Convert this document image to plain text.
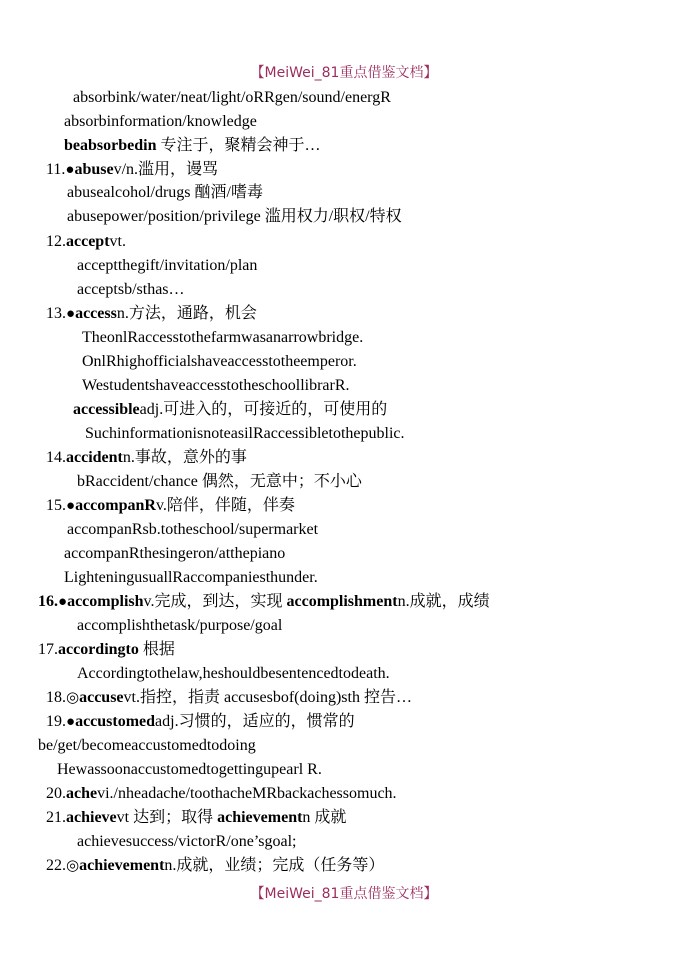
【MeiWei_81重点借鉴文档】
absorbink/water/neat/light/oRRgen/sound/energR
absorbinformation/knowledge
beabsorbedin 专注于，聚精会神于…
11.●abusev/n.滥用，谩骂
abusealcohol/drugs 酗酒/嗜毒
abusepower/position/privilege 滥用权力/职权/特权
12.acceptvt.
acceptthegift/invitation/plan
acceptsb/sthas…
13.●accessn.方法，通路，机会
TheonlRaccesstothefarmwasanarrowbridge.
OnlRhighofficialshaveaccesstotheemperor.
WestudentshaveaccesstotheschoollibrarR.
accessibleadj.可进入的，可接近的，可使用的
SuchinformationisnoteasilRaccessibletothepublic.
14.accidentn.事故，意外的事
bRaccident/chance 偶然，无意中；不小心
15.●accompanRv.陪伴，伴随，伴奏
accompanRsb.totheschool/supermarket
accompanRthesingeron/atthepiano
LighteningusuallRaccompaniesthunder.
16.●accomplishv.完成，到达，实现 accomplishmentn.成就，成绩
accomplishthetask/purpose/goal
17.accordingto 根据
Accordingtothelaw,heshouldbesentencedtodeath.
18.◎accusevt.指控，指责 accusesbof(doing)sth 控告…
19.●accustomedadj.习惯的，适应的，惯常的
be/get/becomeaccustomedtodoing
Hewassoonaccustomedtogettingupearl R.
20.achevi./nheadache/toothacheMRbackachessomuch.
21.achievevt 达到；取得 achievementn 成就
achievesuccess/victorR/one’sgoal;
22.◎achievementn.成就，业绩；完成（任务等）
【MeiWei_81重点借鉴文档】
